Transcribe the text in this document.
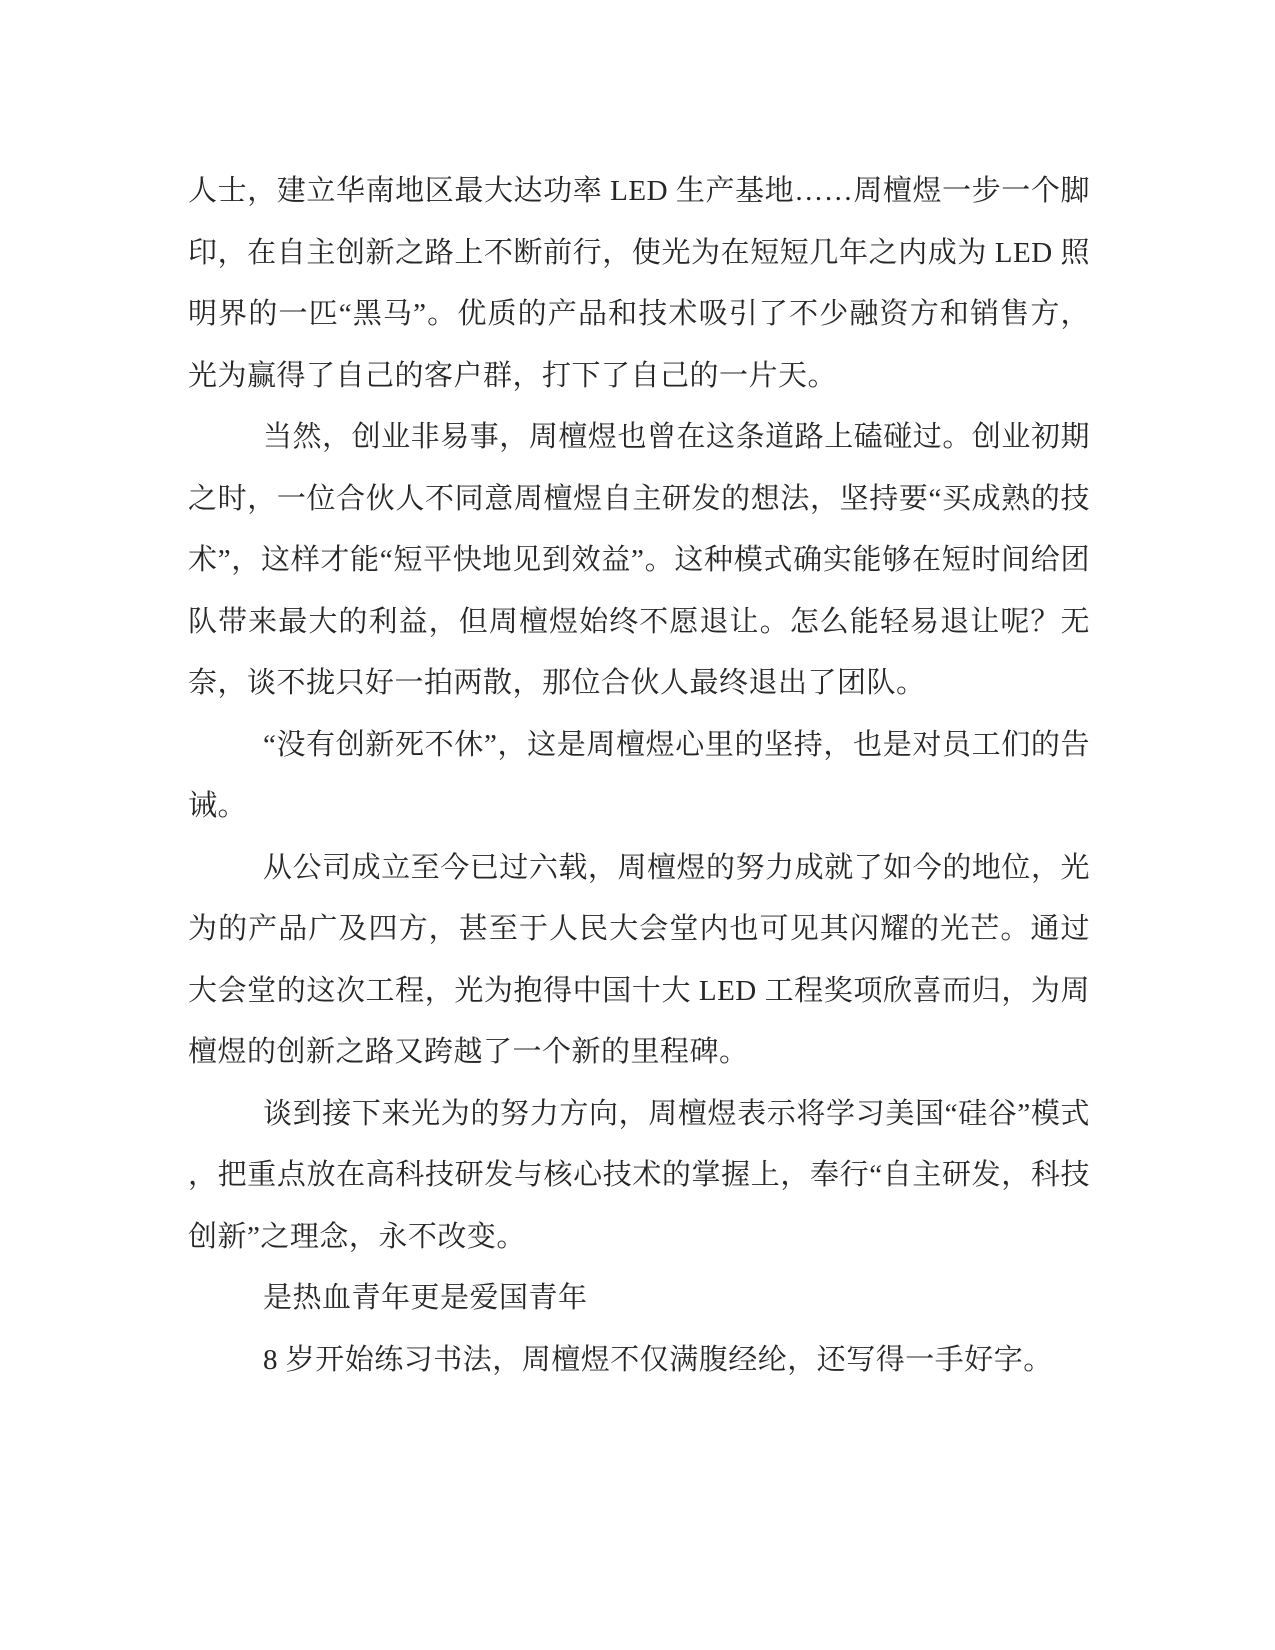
人士，建立华南地区最大达功率 LED 生产基地……周檀煜一步一个脚
印，在自主创新之路上不断前行，使光为在短短几年之内成为 LED 照
明界的一匹“黑马”。优质的产品和技术吸引了不少融资方和销售方，
光为赢得了自己的客户群，打下了自己的一片天。
当然，创业非易事，周檀煜也曾在这条道路上磕碰过。创业初期
之时，一位合伙人不同意周檀煜自主研发的想法，坚持要“买成熟的技
术”，这样才能“短平快地见到效益”。这种模式确实能够在短时间给团
队带来最大的利益，但周檀煜始终不愿退让。怎么能轻易退让呢？无
奈，谈不拢只好一拍两散，那位合伙人最终退出了团队。
“没有创新死不休”，这是周檀煜心里的坚持，也是对员工们的告
诫。
从公司成立至今已过六载，周檀煜的努力成就了如今的地位，光
为的产品广及四方，甚至于人民大会堂内也可见其闪耀的光芒。通过
大会堂的这次工程，光为抱得中国十大 LED 工程奖项欣喜而归，为周
檀煜的创新之路又跨越了一个新的里程碑。
谈到接下来光为的努力方向，周檀煜表示将学习美国“硅谷”模式
，把重点放在高科技研发与核心技术的掌握上，奉行“自主研发，科技
创新”之理念，永不改变。
是热血青年更是爱国青年
8 岁开始练习书法，周檀煜不仅满腹经纶，还写得一手好字。
